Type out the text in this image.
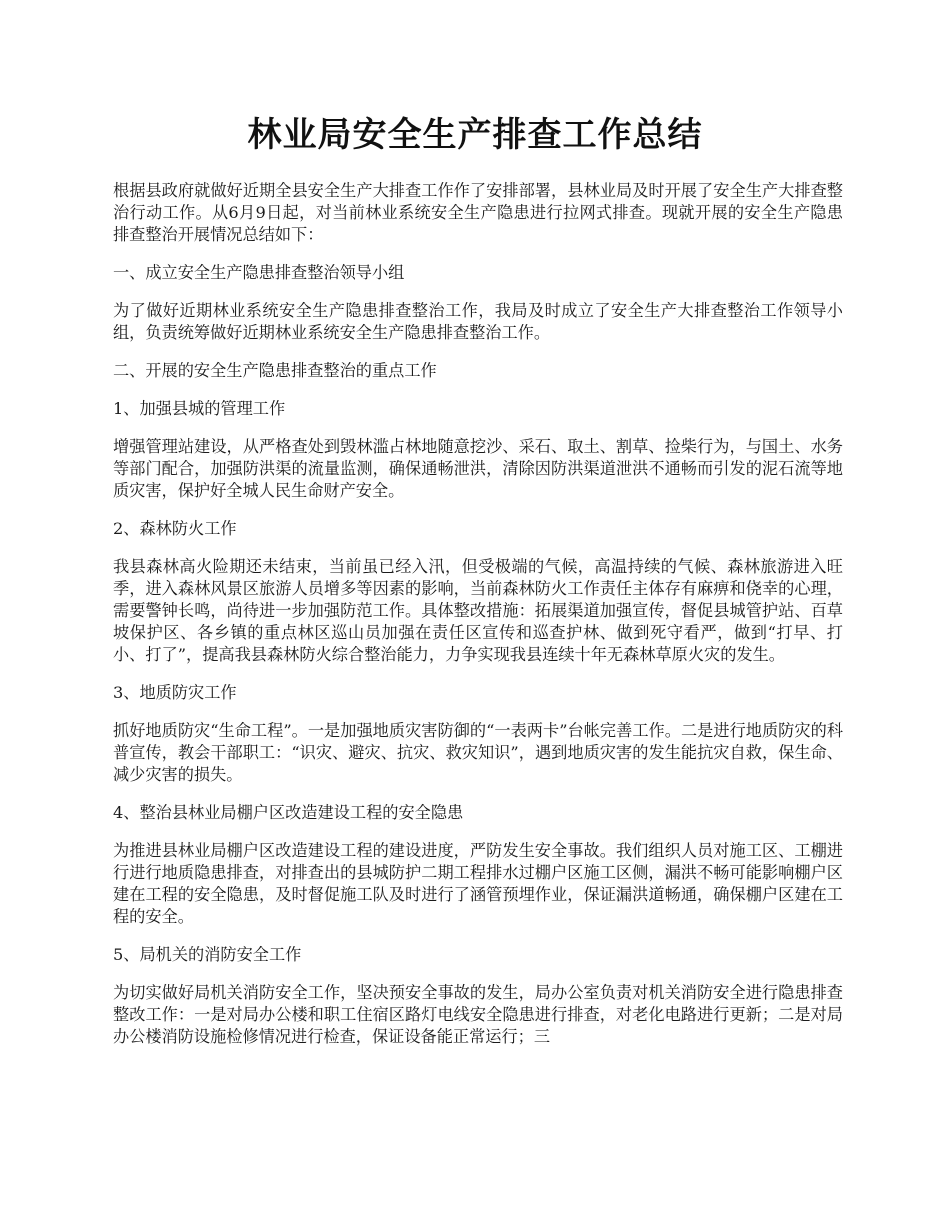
林业局安全生产排查工作总结

根据县政府就做好近期全县安全生产大排查工作作了安排部署，县林业局及时开展了安全生产大排查整治行动工作。从6月9日起，对当前林业系统安全生产隐患进行拉网式排查。现就开展的安全生产隐患排查整治开展情况总结如下：

一、成立安全生产隐患排查整治领导小组

为了做好近期林业系统安全生产隐患排查整治工作，我局及时成立了安全生产大排查整治工作领导小组，负责统筹做好近期林业系统安全生产隐患排查整治工作。

二、开展的安全生产隐患排查整治的重点工作

1、加强县城的管理工作

增强管理站建设，从严格查处到毁林滥占林地随意挖沙、采石、取土、割草、捡柴行为，与国土、水务等部门配合，加强防洪渠的流量监测，确保通畅泄洪，清除因防洪渠道泄洪不通畅而引发的泥石流等地质灾害，保护好全城人民生命财产安全。

2、森林防火工作

我县森林高火险期还未结束，当前虽已经入汛，但受极端的气候，高温持续的气候、森林旅游进入旺季，进入森林风景区旅游人员增多等因素的影响，当前森林防火工作责任主体存有麻痹和侥幸的心理，需要警钟长鸣，尚待进一步加强防范工作。具体整改措施：拓展渠道加强宣传，督促县城管护站、百草坡保护区、各乡镇的重点林区巡山员加强在责任区宣传和巡查护林、做到死守看严，做到“打早、打小、打了”，提高我县森林防火综合整治能力，力争实现我县连续十年无森林草原火灾的发生。

3、地质防灾工作

抓好地质防灾“生命工程”。一是加强地质灾害防御的“一表两卡”台帐完善工作。二是进行地质防灾的科普宣传，教会干部职工：“识灾、避灾、抗灾、救灾知识”，遇到地质灾害的发生能抗灾自救，保生命、减少灾害的损失。

4、整治县林业局棚户区改造建设工程的安全隐患

为推进县林业局棚户区改造建设工程的建设进度，严防发生安全事故。我们组织人员对施工区、工棚进行进行地质隐患排查，对排查出的县城防护二期工程排水过棚户区施工区侧，漏洪不畅可能影响棚户区建在工程的安全隐患，及时督促施工队及时进行了涵管预埋作业，保证漏洪道畅通，确保棚户区建在工程的安全。

5、局机关的消防安全工作

为切实做好局机关消防安全工作，坚决预安全事故的发生，局办公室负责对机关消防安全进行隐患排查整改工作：一是对局办公楼和职工住宿区路灯电线安全隐患进行排查，对老化电路进行更新；二是对局办公楼消防设施检修情况进行检查，保证设备能正常运行；三
